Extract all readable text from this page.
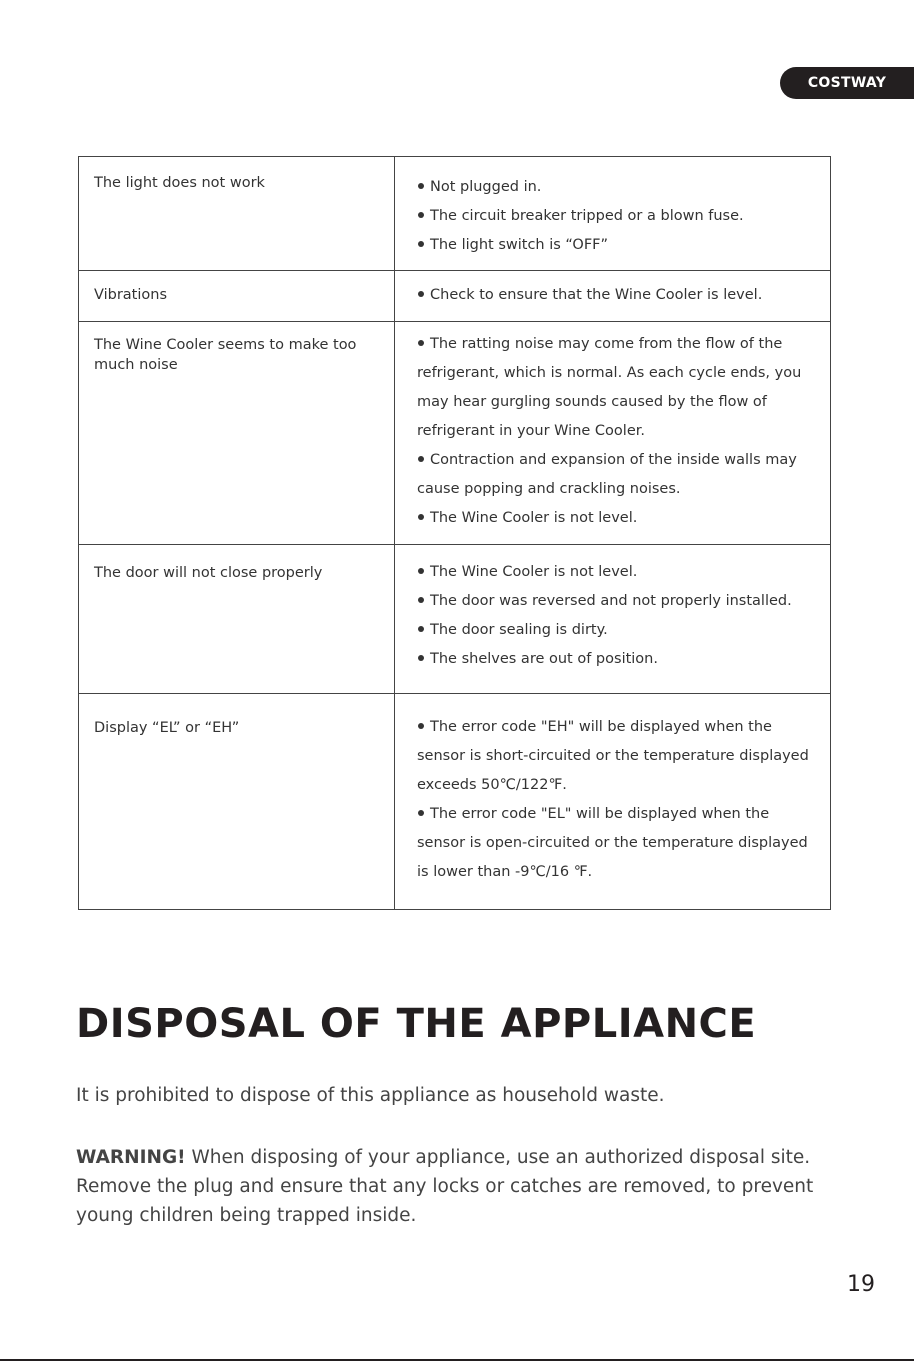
COSTWAY
The light does not work	Not plugged in.

The circuit breaker tripped or a blown fuse.

The light switch is “OFF”

Vibrations	Check to ensure that the Wine Cooler is level.

The Wine Cooler seems to make too much noise	The ratting noise may come from the flow of the refrigerant, which is normal. As each cycle ends, you may hear gurgling sounds caused by the flow of refrigerant in your Wine Cooler.

Contraction and expansion of the inside walls may cause popping and crackling noises.

The Wine Cooler is not level.

The door will not close properly	The Wine Cooler is not level.

The door was reversed and not properly installed.

The door sealing is dirty.

The shelves are out of position.

Display “EL” or “EH”	The error code "EH" will be displayed when the sensor is short-circuited or the temperature displayed exceeds 50℃/122℉.

The error code "EL" will be displayed when the sensor is open-circuited or the temperature displayed is lower than -9℃/16 ℉.

DISPOSAL OF THE APPLIANCE

It is prohibited to dispose of this appliance as household waste.

WARNING! When disposing of your appliance, use an authorized disposal site. Remove the plug and ensure that any locks or catches are removed, to prevent young children being trapped inside.

19
